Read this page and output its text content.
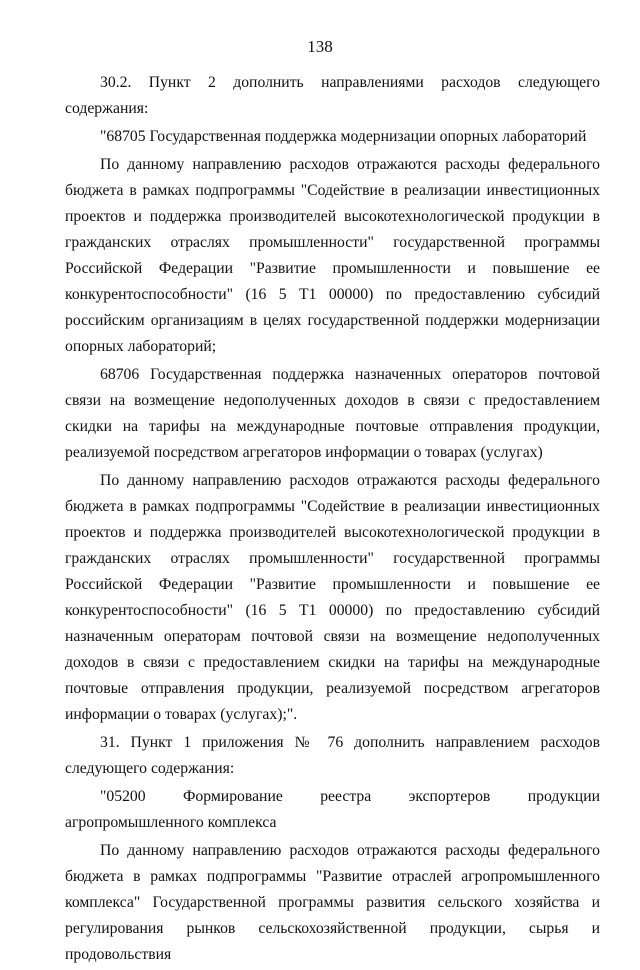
138

30.2. Пункт 2 дополнить направлениями расходов следующего содержания:

"68705 Государственная поддержка модернизации опорных лабораторий

По данному направлению расходов отражаются расходы федерального бюджета в рамках подпрограммы "Содействие в реализации инвестиционных проектов и поддержка производителей высокотехнологической продукции в гражданских отраслях промышленности" государственной программы Российской Федерации "Развитие промышленности и повышение ее конкурентоспособности" (16 5 Т1 00000) по предоставлению субсидий российским организациям в целях государственной поддержки модернизации опорных лабораторий;

68706 Государственная поддержка назначенных операторов почтовой связи на возмещение недополученных доходов в связи с предоставлением скидки на тарифы на международные почтовые отправления продукции, реализуемой посредством агрегаторов информации о товарах (услугах)

По данному направлению расходов отражаются расходы федерального бюджета в рамках подпрограммы "Содействие в реализации инвестиционных проектов и поддержка производителей высокотехнологической продукции в гражданских отраслях промышленности" государственной программы Российской Федерации "Развитие промышленности и повышение ее конкурентоспособности" (16 5 Т1 00000) по предоставлению субсидий назначенным операторам почтовой связи на возмещение недополученных доходов в связи с предоставлением скидки на тарифы на международные почтовые отправления продукции, реализуемой посредством агрегаторов информации о товарах (услугах);".

31. Пункт 1 приложения № 76 дополнить направлением расходов следующего содержания:

"05200 Формирование реестра экспортеров продукции агропромышленного комплекса

По данному направлению расходов отражаются расходы федерального бюджета в рамках подпрограммы "Развитие отраслей агропромышленного комплекса" Государственной программы развития сельского хозяйства и регулирования рынков сельскохозяйственной продукции, сырья и продовольствия
